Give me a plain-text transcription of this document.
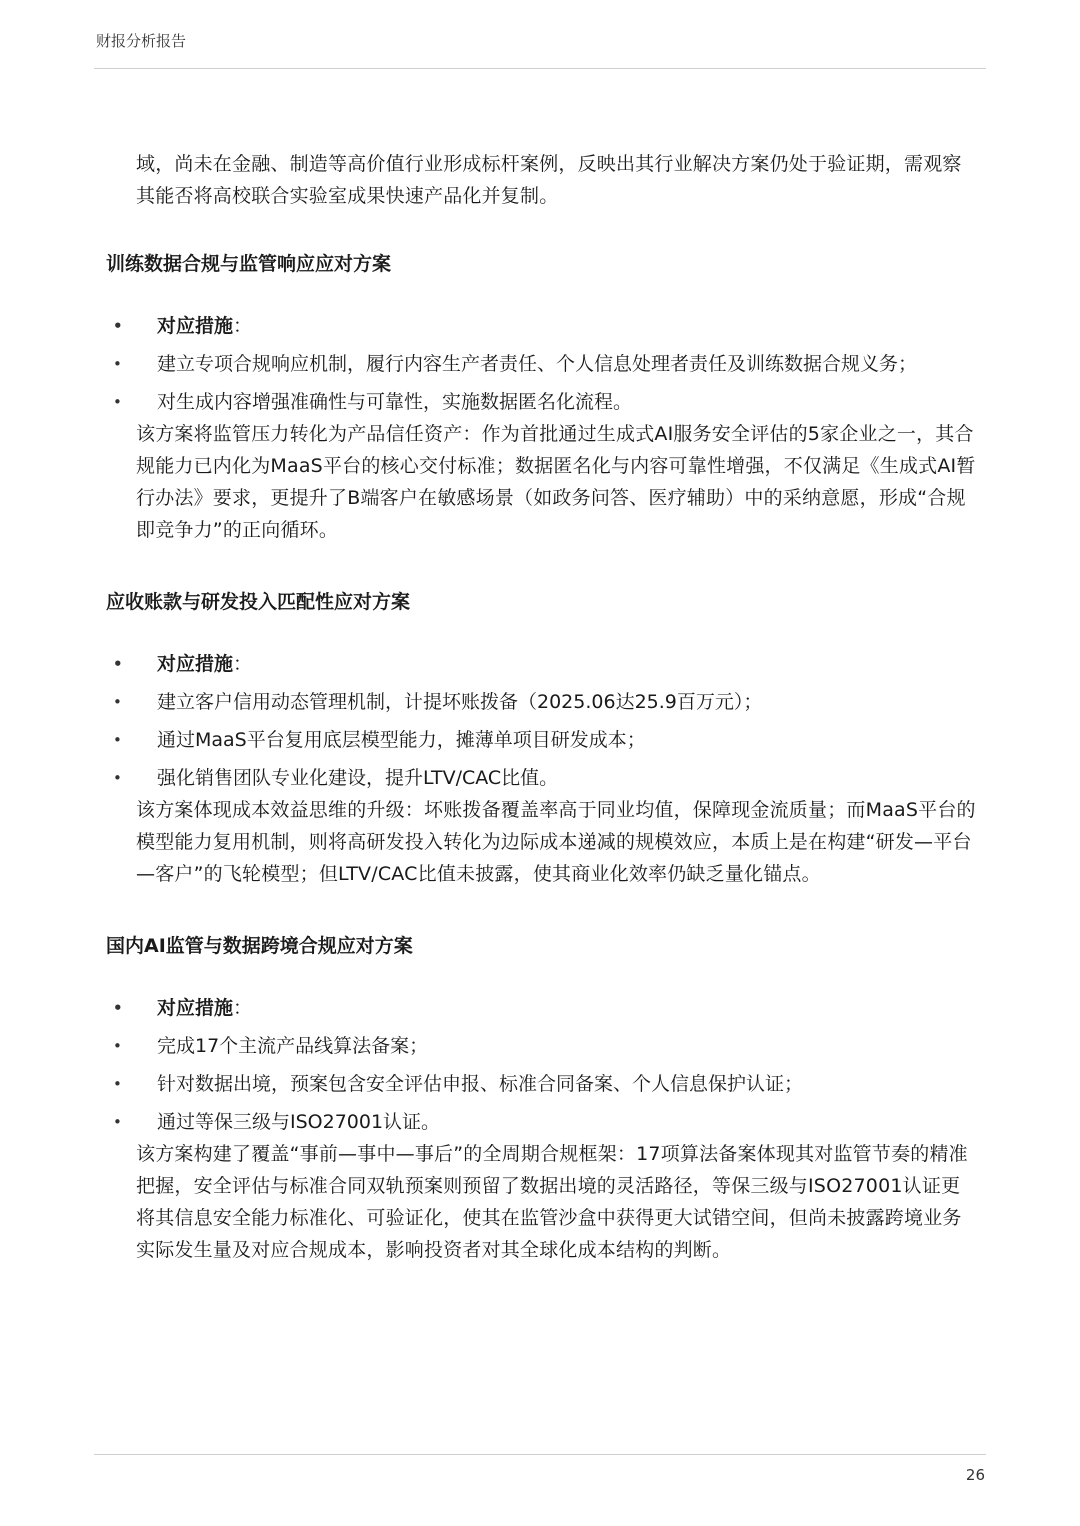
财报分析报告

域，尚未在金融、制造等高价值行业形成标杆案例，反映出其行业解决方案仍处于验证期，需观察其能否将高校联合实验室成果快速产品化并复制。

训练数据合规与监管响应应对方案
• 对应措施：
• 建立专项合规响应机制，履行内容生产者责任、个人信息处理者责任及训练数据合规义务；
• 对生成内容增强准确性与可靠性，实施数据匿名化流程。

该方案将监管压力转化为产品信任资产：作为首批通过生成式AI服务安全评估的5家企业之一，其合规能力已内化为MaaS平台的核心交付标准；数据匿名化与内容可靠性增强，不仅满足《生成式AI暂行办法》要求，更提升了B端客户在敏感场景（如政务问答、医疗辅助）中的采纳意愿，形成“合规即竞争力”的正向循环。

应收账款与研发投入匹配性应对方案
• 对应措施：
• 建立客户信用动态管理机制，计提坏账拨备（2025.06达25.9百万元）；
• 通过MaaS平台复用底层模型能力，摊薄单项目研发成本；
• 强化销售团队专业化建设，提升LTV/CAC比值。

该方案体现成本效益思维的升级：坏账拨备覆盖率高于同业均值，保障现金流质量；而MaaS平台的模型能力复用机制，则将高研发投入转化为边际成本递减的规模效应，本质上是在构建“研发—平台—客户”的飞轮模型；但LTV/CAC比值未披露，使其商业化效率仍缺乏量化锚点。

国内AI监管与数据跨境合规应对方案
• 对应措施：
• 完成17个主流产品线算法备案；
• 针对数据出境，预案包含安全评估申报、标准合同备案、个人信息保护认证；
• 通过等保三级与ISO27001认证。

该方案构建了覆盖“事前—事中—事后”的全周期合规框架：17项算法备案体现其对监管节奏的精准把握，安全评估与标准合同双轨预案则预留了数据出境的灵活路径，等保三级与ISO27001认证更将其信息安全能力标准化、可验证化，使其在监管沙盒中获得更大试错空间，但尚未披露跨境业务实际发生量及对应合规成本，影响投资者对其全球化成本结构的判断。

26
